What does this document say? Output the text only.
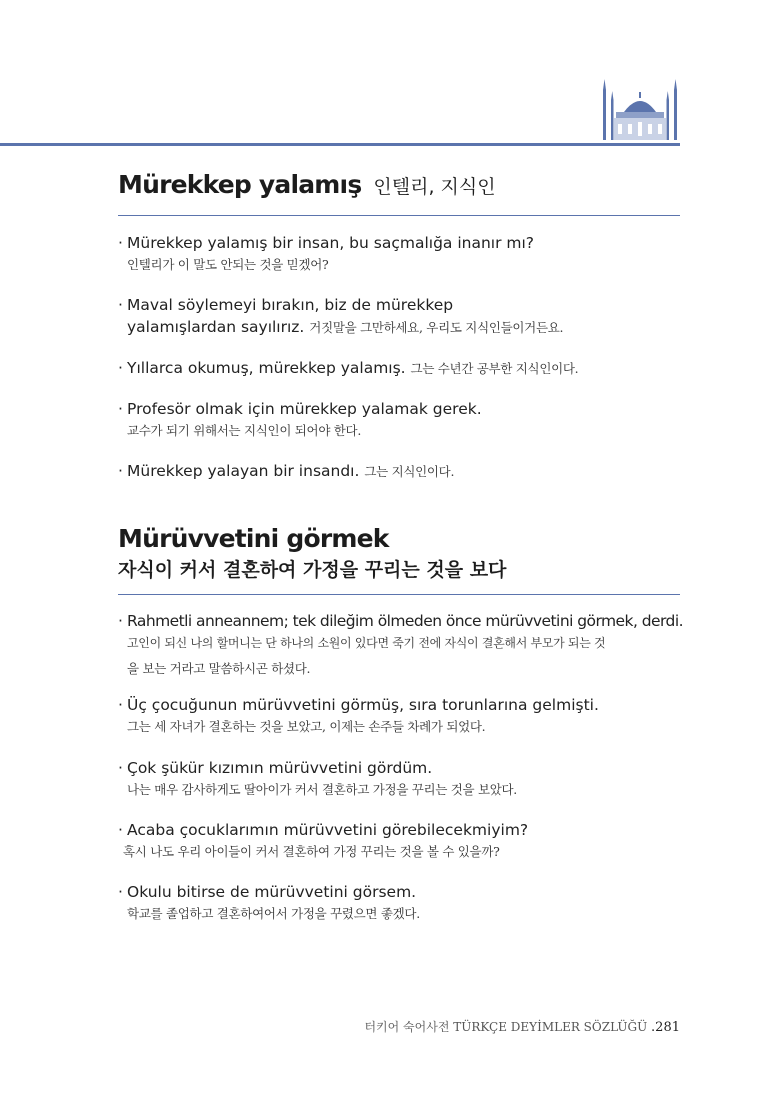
Mürekkep yalamış 인텔리, 지식인
· Mürekkep yalamış bir insan, bu saçmalığa inanır mı?
인텔리가 이 말도 안되는 것을 믿겠어?
· Maval söylemeyi bırakın, biz de mürekkep
yalamışlardan sayılırız. 거짓말을 그만하세요, 우리도 지식인들이거든요.
· Yıllarca okumuş, mürekkep yalamış. 그는 수년간 공부한 지식인이다.
· Profesör olmak için mürekkep yalamak gerek.
교수가 되기 위해서는 지식인이 되어야 한다.
· Mürekkep yalayan bir insandı. 그는 지식인이다.
Mürüvvetini görmek
자식이 커서 결혼하여 가정을 꾸리는 것을 보다
· Rahmetli anneannem; tek dileğim ölmeden önce mürüvvetini görmek, derdi.
고인이 되신 나의 할머니는 단 하나의 소원이 있다면 죽기 전에 자식이 결혼해서 부모가 되는 것
을 보는 거라고 말씀하시곤 하셨다.
· Üç çocuğunun mürüvvetini görmüş, sıra torunlarına gelmişti.
그는 세 자녀가 결혼하는 것을 보았고, 이제는 손주들 차례가 되었다.
· Çok şükür kızımın mürüvvetini gördüm.
나는 매우 감사하게도 딸아이가 커서 결혼하고 가정을 꾸리는 것을 보았다.
· Acaba çocuklarımın mürüvvetini görebilecekmiyim?
혹시 나도 우리 아이들이 커서 결혼하여 가정 꾸리는 것을 볼 수 있을까?
· Okulu bitirse de mürüvvetini görsem.
학교를 졸업하고 결혼하여어서 가정을 꾸렸으면 좋겠다.
터키어 숙어사전 TÜRKÇE DEYİMLER SÖZLÜĞÜ .281
